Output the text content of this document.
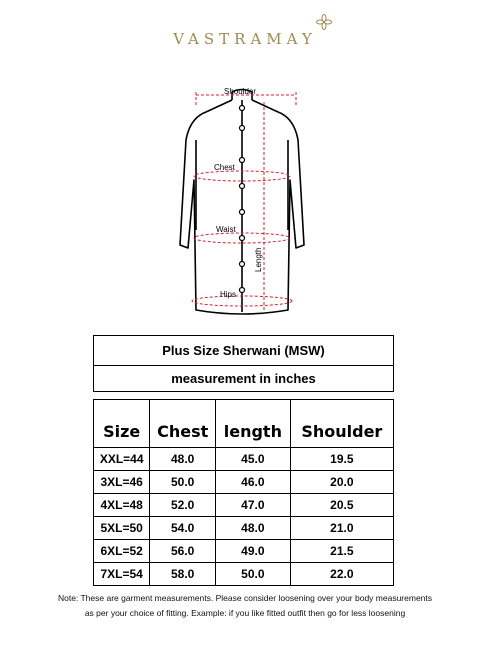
VASTRAMAY
Shoulder
Chest
Waist
Hips
Length
Plus Size Sherwani (MSW)			
measurement in inches			

Size	Chest	length	Shoulder
XXL=44	48.0	45.0	19.5
3XL=46	50.0	46.0	20.0
4XL=48	52.0	47.0	20.5
5XL=50	54.0	48.0	21.0
6XL=52	56.0	49.0	21.5
7XL=54	58.0	50.0	22.0
Note: These are garment measurements. Please consider loosening over your body measurements
as per your choice of fitting. Example: if you like fitted outfit then go for less loosening
